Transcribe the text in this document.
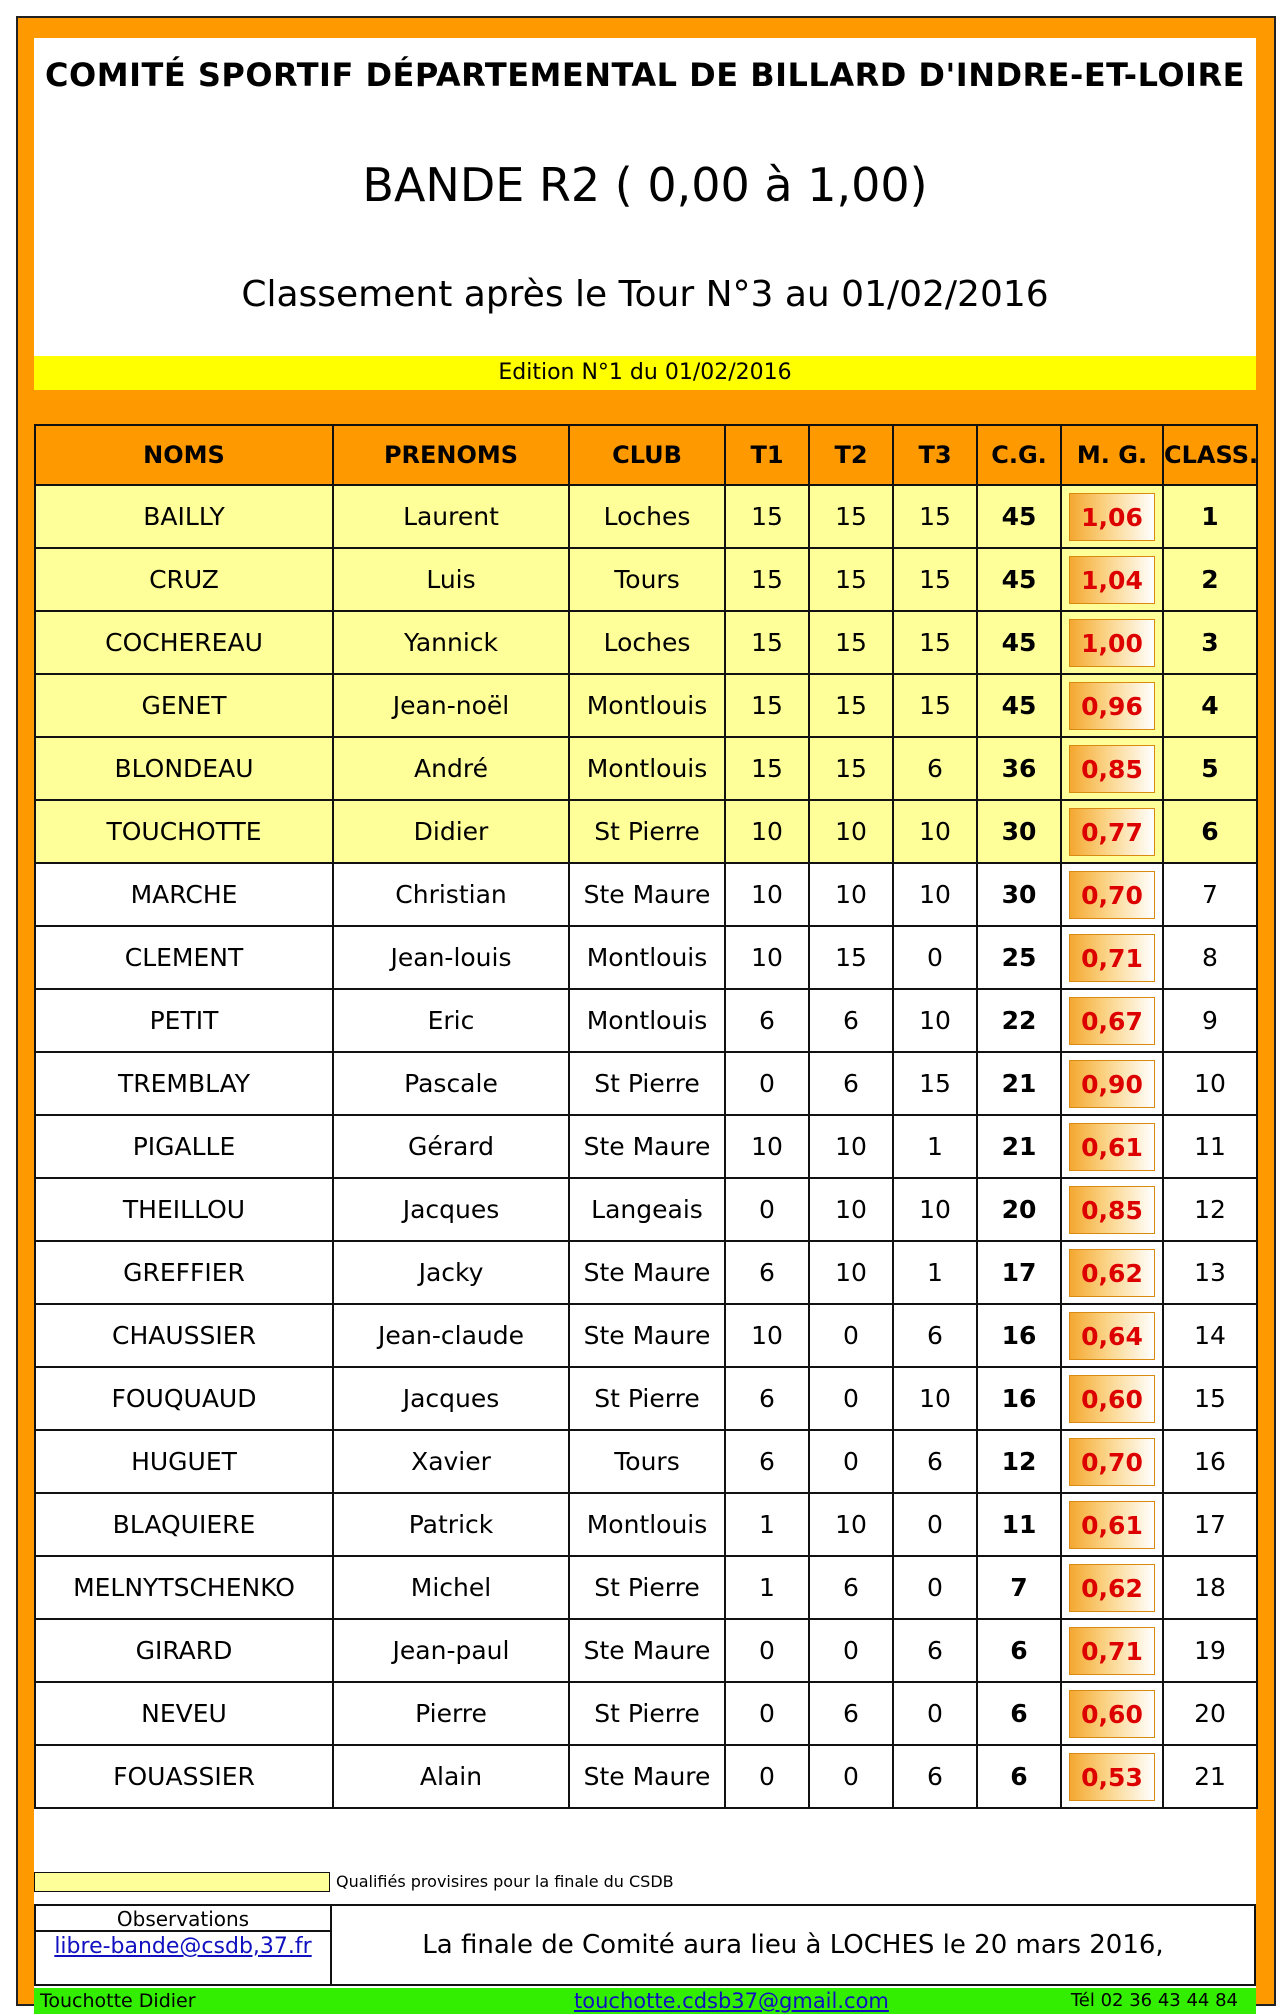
COMITÉ SPORTIF DÉPARTEMENTAL DE BILLARD D'INDRE-ET-LOIRE
BANDE R2 ( 0,00 à 1,00)
Classement après le Tour N°3 au 01/02/2016
Edition N°1 du 01/02/2016
NOMS	PRENOMS	CLUB	T1	T2	T3	C.G.	M. G.	CLASS.
BAILLY	Laurent	Loches	15	15	15	45	1,06	1
CRUZ	Luis	Tours	15	15	15	45	1,04	2
COCHEREAU	Yannick	Loches	15	15	15	45	1,00	3
GENET	Jean-noël	Montlouis	15	15	15	45	0,96	4
BLONDEAU	André	Montlouis	15	15	6	36	0,85	5
TOUCHOTTE	Didier	St Pierre	10	10	10	30	0,77	6
MARCHE	Christian	Ste Maure	10	10	10	30	0,70	7
CLEMENT	Jean-louis	Montlouis	10	15	0	25	0,71	8
PETIT	Eric	Montlouis	6	6	10	22	0,67	9
TREMBLAY	Pascale	St Pierre	0	6	15	21	0,90	10
PIGALLE	Gérard	Ste Maure	10	10	1	21	0,61	11
THEILLOU	Jacques	Langeais	0	10	10	20	0,85	12
GREFFIER	Jacky	Ste Maure	6	10	1	17	0,62	13
CHAUSSIER	Jean-claude	Ste Maure	10	0	6	16	0,64	14
FOUQUAUD	Jacques	St Pierre	6	0	10	16	0,60	15
HUGUET	Xavier	Tours	6	0	6	12	0,70	16
BLAQUIERE	Patrick	Montlouis	1	10	0	11	0,61	17
MELNYTSCHENKO	Michel	St Pierre	1	6	0	7	0,62	18
GIRARD	Jean-paul	Ste Maure	0	0	6	6	0,71	19
NEVEU	Pierre	St Pierre	0	6	0	6	0,60	20
FOUASSIER	Alain	Ste Maure	0	0	6	6	0,53	21
Qualifiés provisires pour la finale du CSDB
Observations
libre-bande@csdb,37.fr	La finale de Comité aura lieu à LOCHES le 20 mars 2016,
Touchotte Didier	touchotte.cdsb37@gmail.com	Tél 02 36 43 44 84
